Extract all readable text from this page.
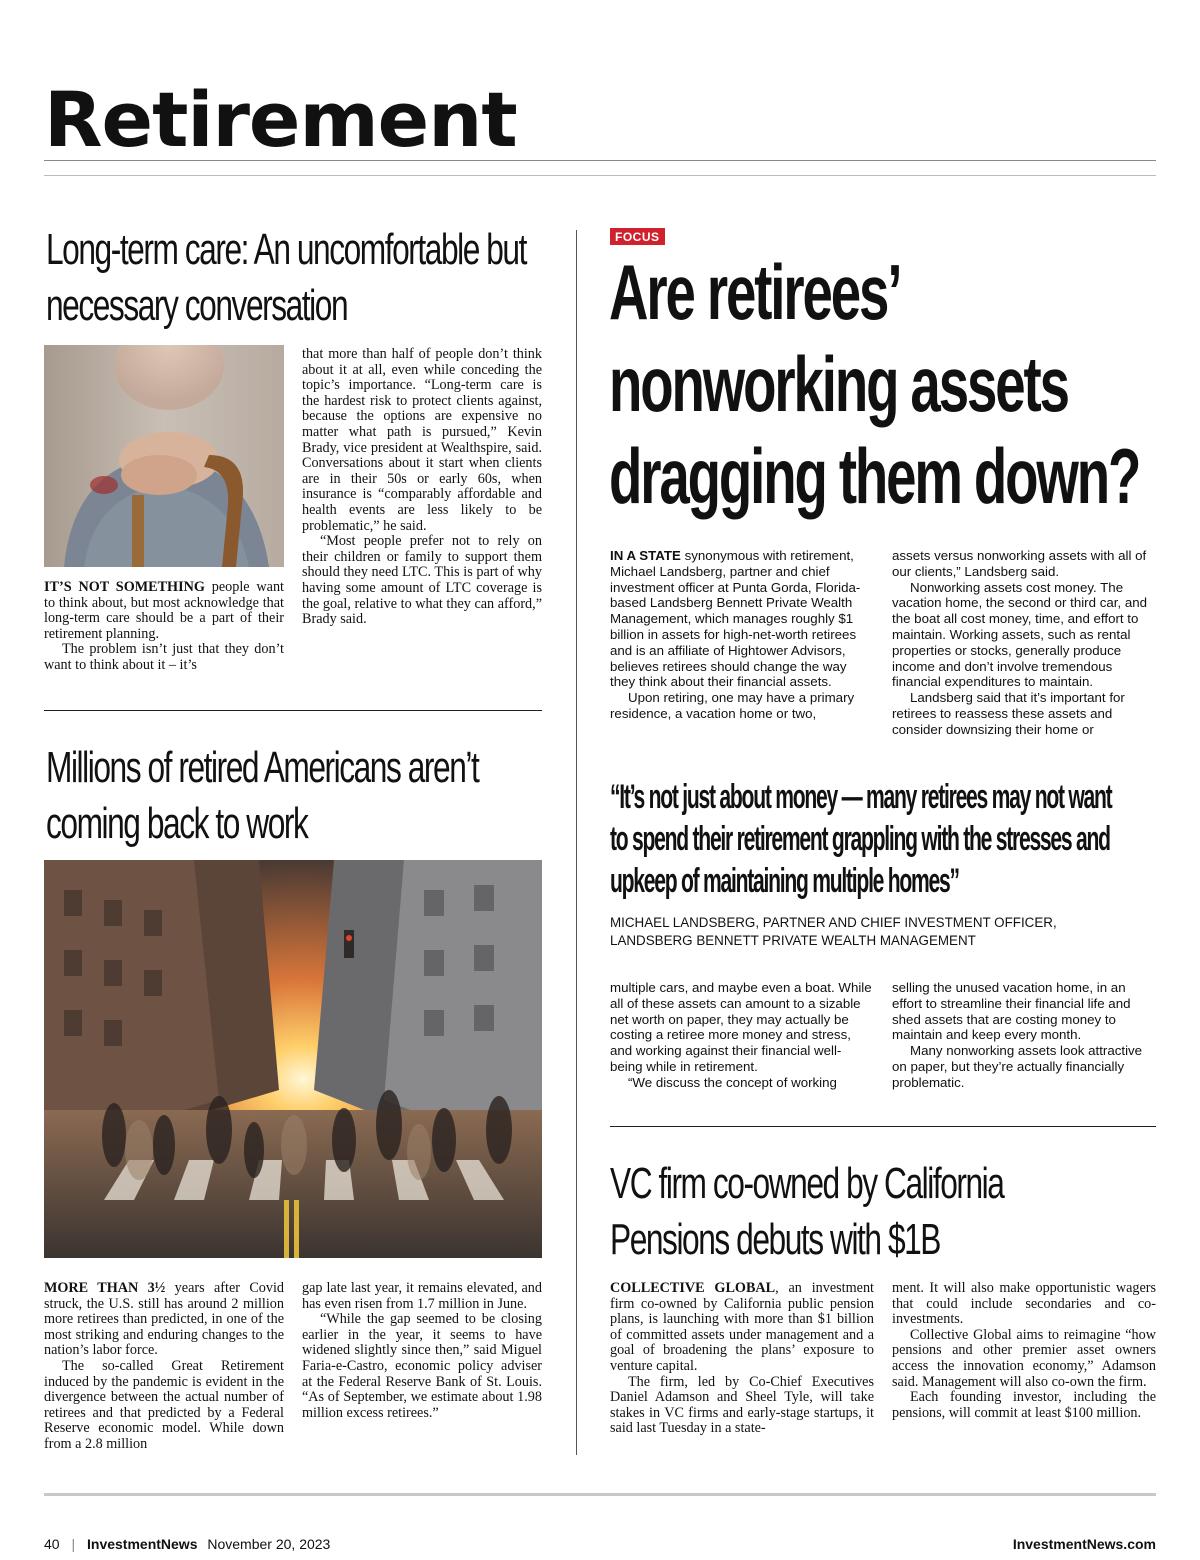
Retirement
Long-term care: An uncomfortable but
necessary conversation

IT’S NOT SOMETHING people want to think about, but most acknowledge that long-term care should be a part of their retirement planning.

The problem isn’t just that they don’t want to think about it – it’s

that more than half of people don’t think about it at all, even while conceding the topic’s importance. “Long-term care is the hardest risk to protect clients against, because the options are expensive no matter what path is pursued,” Kevin Brady, vice president at Wealthspire, said. Conversations about it start when clients are in their 50s or early 60s, when insurance is “comparably affordable and health events are less likely to be problematic,” he said.

“Most people prefer not to rely on their children or family to support them should they need LTC. This is part of why having some amount of LTC coverage is the goal, relative to what they can afford,” Brady said.

Millions of retired Americans aren’t
coming back to work

MORE THAN 3½ years after Covid struck, the U.S. still has around 2 million more retirees than predicted, in one of the most striking and enduring changes to the nation’s labor force.

The so-called Great Retirement induced by the pandemic is evident in the divergence between the actual number of retirees and that predicted by a Federal Reserve economic model. While down from a 2.8 million

gap late last year, it remains elevated, and has even risen from 1.7 million in June.

“While the gap seemed to be closing earlier in the year, it seems to have widened slightly since then,” said Miguel Faria-e-Castro, economic policy adviser at the Federal Reserve Bank of St. Louis. “As of September, we estimate about 1.98 million excess retirees.”

FOCUS
Are retirees’
nonworking assets
dragging them down?

IN A STATE synonymous with retirement, Michael Landsberg, partner and chief investment officer at Punta Gorda, Florida-based Landsberg Bennett Private Wealth Management, which manages roughly $1 billion in assets for high-net-worth retirees and is an affiliate of Hightower Advisors, believes retirees should change the way they think about their financial assets.

Upon retiring, one may have a primary residence, a vacation home or two,

assets versus nonworking assets with all of our clients,” Landsberg said.

Nonworking assets cost money. The vacation home, the second or third car, and the boat all cost money, time, and effort to maintain. Working assets, such as rental properties or stocks, generally produce income and don’t involve tremendous financial expenditures to maintain.

Landsberg said that it’s important for retirees to reassess these assets and consider downsizing their home or

“It’s not just about money — many retirees may not want
to spend their retirement grappling with the stresses and
upkeep of maintaining multiple homes”
MICHAEL LANDSBERG, PARTNER AND CHIEF INVESTMENT OFFICER, LANDSBERG BENNETT PRIVATE WEALTH MANAGEMENT

multiple cars, and maybe even a boat. While all of these assets can amount to a sizable net worth on paper, they may actually be costing a retiree more money and stress, and working against their financial well-being while in retirement.

“We discuss the concept of working

selling the unused vacation home, in an effort to streamline their financial life and shed assets that are costing money to maintain and keep every month.

Many nonworking assets look attractive on paper, but they’re actually financially problematic.

VC firm co-owned by California
Pensions debuts with $1B

COLLECTIVE GLOBAL, an investment firm co-owned by California public pension plans, is launching with more than $1 billion of committed assets under management and a goal of broadening the plans’ exposure to venture capital.

The firm, led by Co-Chief Executives Daniel Adamson and Sheel Tyle, will take stakes in VC firms and early-stage startups, it said last Tuesday in a state-

ment. It will also make opportunistic wagers that could include secondaries and co-investments.

Collective Global aims to reimagine “how pensions and other premier asset owners access the innovation economy,” Adamson said. Management will also co-own the firm.

Each founding investor, including the pensions, will commit at least $100 million.

40 | InvestmentNews November 20, 2023	InvestmentNews.com
